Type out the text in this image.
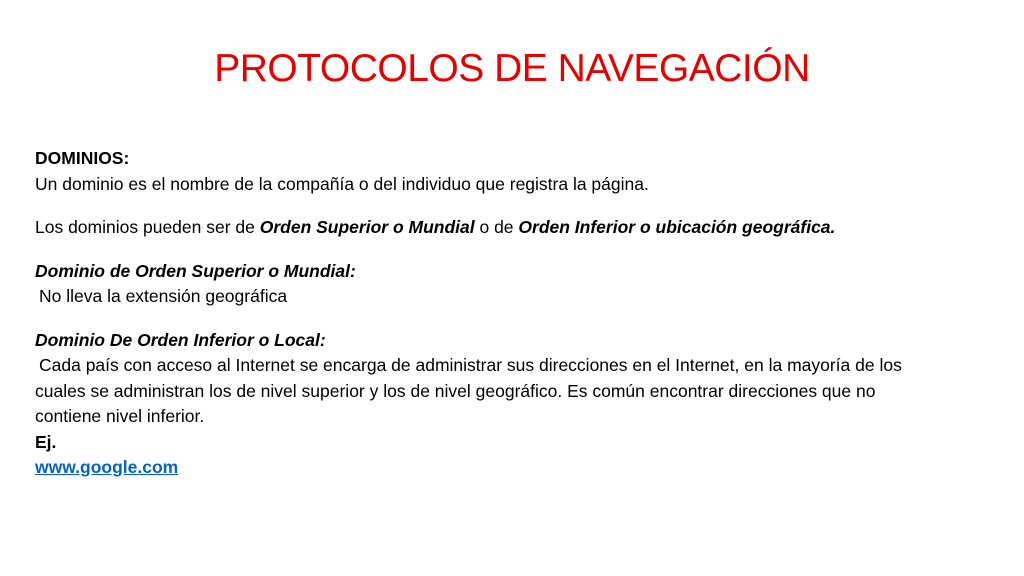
PROTOCOLOS DE NAVEGACIÓN
DOMINIOS:
Un dominio es el nombre de la compañía o del individuo que registra la página.
Los dominios pueden ser de Orden Superior o Mundial o de Orden Inferior o ubicación geográfica.
Dominio de Orden Superior o Mundial:
No lleva la extensión geográfica
Dominio De Orden Inferior o Local:
Cada país con acceso al Internet se encarga de administrar sus direcciones en el Internet, en la mayoría de los
cuales se administran los de nivel superior y los de nivel geográfico. Es común encontrar direcciones que no
contiene nivel inferior.
Ej.
www.google.com
